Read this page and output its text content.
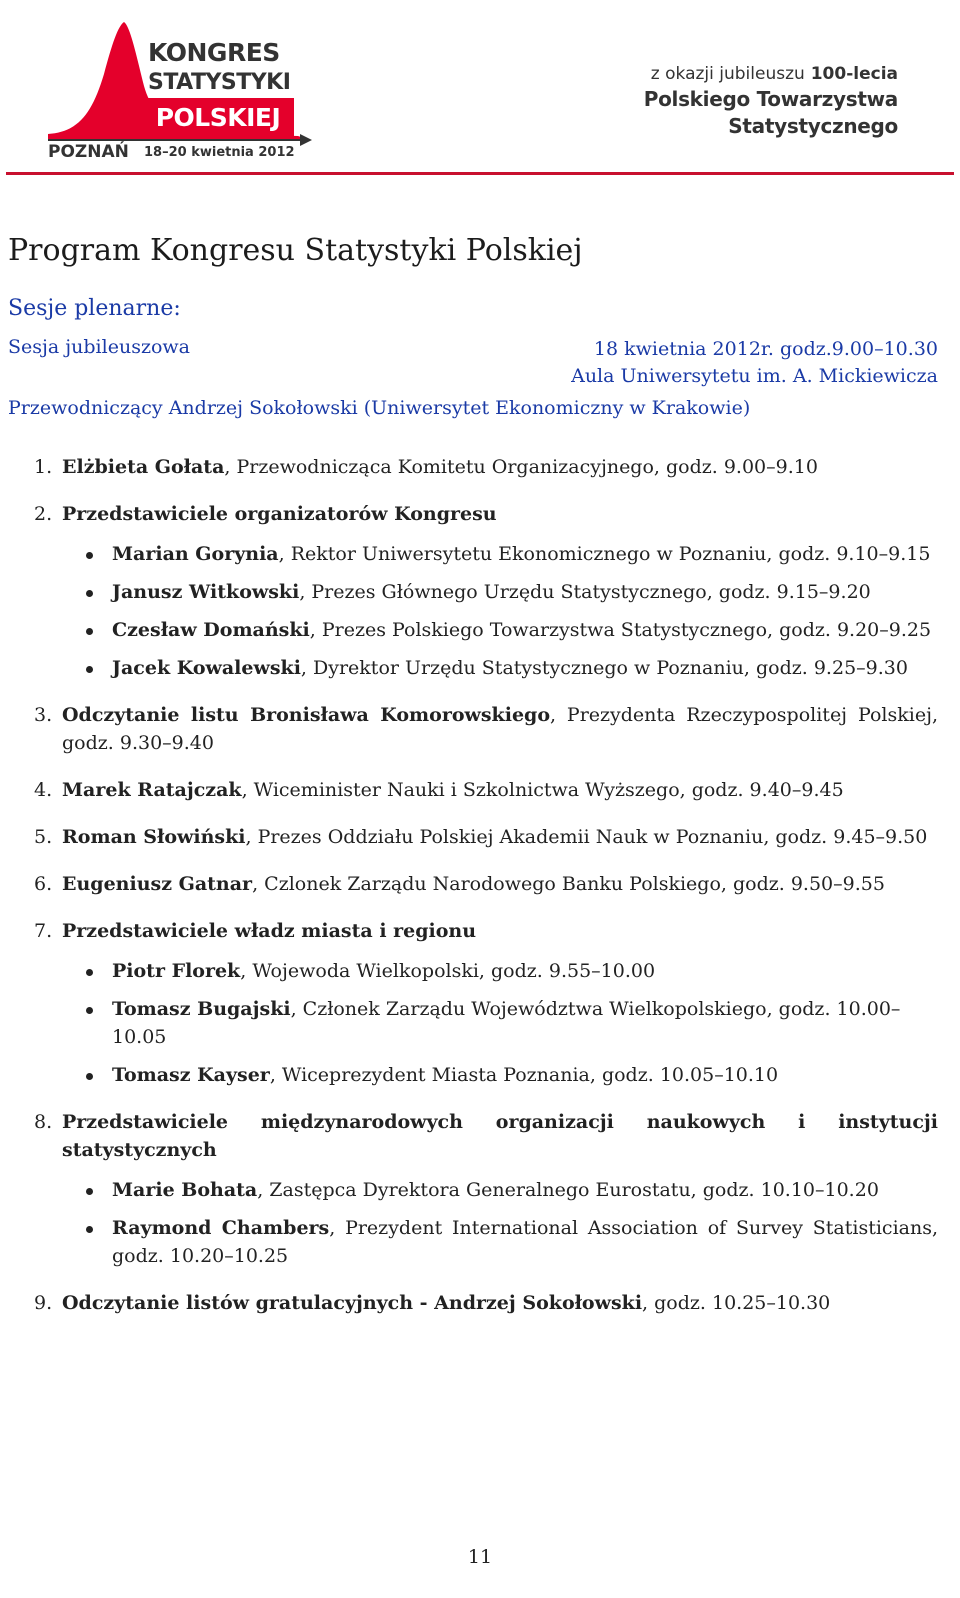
KONGRES
STATYSTYKI
POLSKIEJ
POZNAŃ 18–20 kwietnia 2012
z okazji jubileuszu 100-lecia
Polskiego Towarzystwa
Statystycznego
Program Kongresu Statystyki Polskiej
Sesje plenarne:
Sesja jubileuszowa	18 kwietnia 2012r. godz.9.00–10.30
Aula Uniwersytetu im. A. Mickiewicza
Przewodniczący Andrzej Sokołowski (Uniwersytet Ekonomiczny w Krakowie)
1. Elżbieta Gołata, Przewodnicząca Komitetu Organizacyjnego, godz. 9.00–9.10
2. Przedstawiciele organizatorów Kongresu
Marian Gorynia, Rektor Uniwersytetu Ekonomicznego w Poznaniu, godz. 9.10–9.15
Janusz Witkowski, Prezes Głównego Urzędu Statystycznego, godz. 9.15–9.20
Czesław Domański, Prezes Polskiego Towarzystwa Statystycznego, godz. 9.20–9.25
Jacek Kowalewski, Dyrektor Urzędu Statystycznego w Poznaniu, godz. 9.25–9.30
3. Odczytanie listu Bronisława Komorowskiego, Prezydenta Rzeczypospolitej Polskiej, godz. 9.30–9.40
4. Marek Ratajczak, Wiceminister Nauki i Szkolnictwa Wyższego, godz. 9.40–9.45
5. Roman Słowiński, Prezes Oddziału Polskiej Akademii Nauk w Poznaniu, godz. 9.45–9.50
6. Eugeniusz Gatnar, Czlonek Zarządu Narodowego Banku Polskiego, godz. 9.50–9.55
7. Przedstawiciele władz miasta i regionu
Piotr Florek, Wojewoda Wielkopolski, godz. 9.55–10.00
Tomasz Bugajski, Członek Zarządu Województwa Wielkopolskiego, godz. 10.00–10.05
Tomasz Kayser, Wiceprezydent Miasta Poznania, godz. 10.05–10.10
8. Przedstawiciele międzynarodowych organizacji naukowych i instytucji statystycznych
Marie Bohata, Zastępca Dyrektora Generalnego Eurostatu, godz. 10.10–10.20
Raymond Chambers, Prezydent International Association of Survey Statisticians, godz. 10.20–10.25
9. Odczytanie listów gratulacyjnych - Andrzej Sokołowski, godz. 10.25–10.30
11
